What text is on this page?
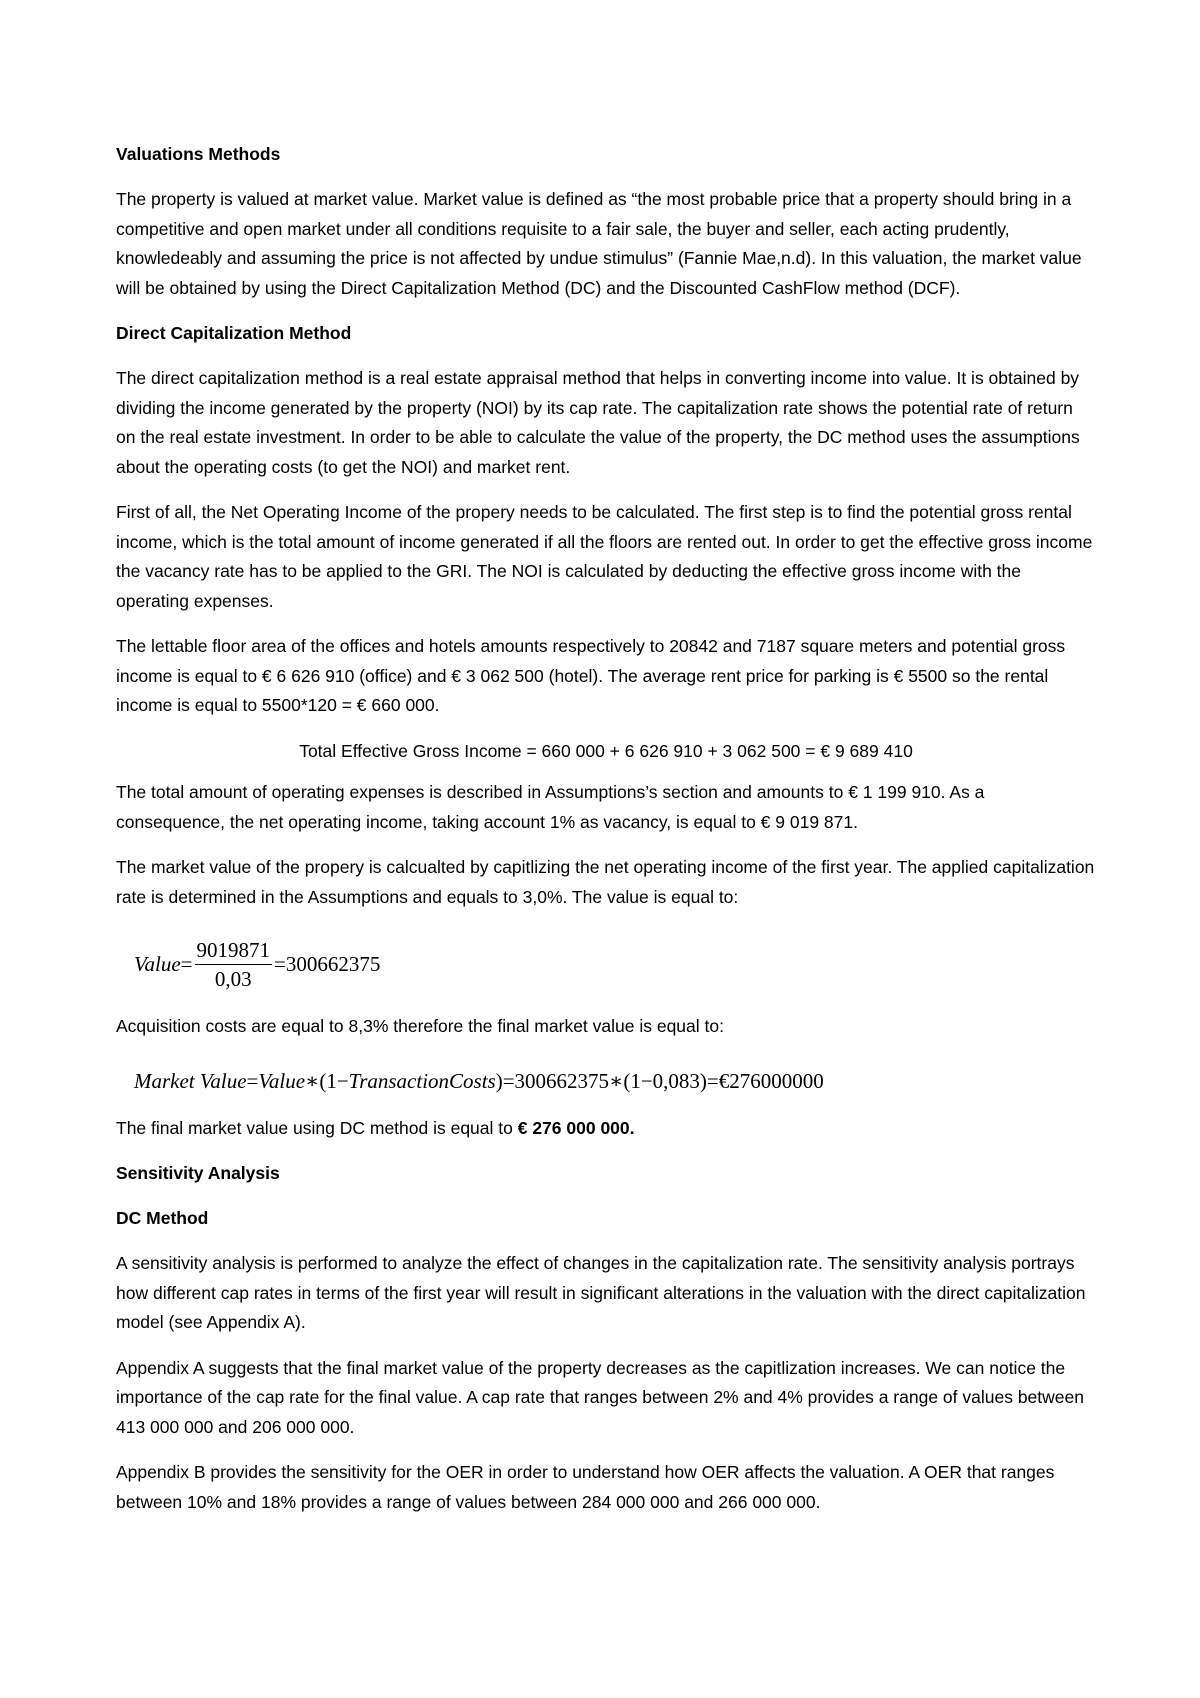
Valuations Methods

The property is valued at market value. Market value is defined as “the most probable price that a property should bring in a competitive and open market under all conditions requisite to a fair sale, the buyer and seller, each acting prudently, knowledeably and assuming the price is not affected by undue stimulus” (Fannie Mae,n.d). In this valuation, the market value will be obtained by using the Direct Capitalization Method (DC) and the Discounted CashFlow method (DCF).

Direct Capitalization Method

The direct capitalization method is a real estate appraisal method that helps in converting income into value. It is obtained by dividing the income generated by the property (NOI) by its cap rate. The capitalization rate shows the potential rate of return on the real estate investment. In order to be able to calculate the value of the property, the DC method uses the assumptions about the operating costs (to get the NOI) and market rent.

First of all, the Net Operating Income of the propery needs to be calculated. The first step is to find the potential gross rental income, which is the total amount of income generated if all the floors are rented out. In order to get the effective gross income the vacancy rate has to be applied to the GRI. The NOI is calculated by deducting the effective gross income with the operating expenses.

The lettable floor area of the offices and hotels amounts respectively to 20842 and 7187 square meters and potential gross income is equal to € 6 626 910 (office) and € 3 062 500 (hotel). The average rent price for parking is € 5500 so the rental income is equal to 5500*120 = € 660 000.

Total Effective Gross Income = 660 000 + 6 626 910 + 3 062 500 = € 9 689 410

The total amount of operating expenses is described in Assumptions’s section and amounts to € 1 199 910. As a consequence, the net operating income, taking account 1% as vacancy, is equal to € 9 019 871.

The market value of the propery is calcualted by capitlizing the net operating income of the first year. The applied capitalization rate is determined in the Assumptions and equals to 3,0%. The value is equal to:

Value = $\frac{9019871}{0,03} =300662375$

Acquisition costs are equal to 8,3% therefore the final market value is equal to:

Market Value = Value ∗(1− TransactionCosts )=300662375∗(1−0,083)=€276000000

The final market value using DC method is equal to € 276 000 000.

Sensitivity Analysis
DC Method

A sensitivity analysis is performed to analyze the effect of changes in the capitalization rate. The sensitivity analysis portrays how different cap rates in terms of the first year will result in significant alterations in the valuation with the direct capitalization model (see Appendix A).

Appendix A suggests that the final market value of the property decreases as the capitlization increases. We can notice the importance of the cap rate for the final value. A cap rate that ranges between 2% and 4% provides a range of values between 413 000 000 and 206 000 000.

Appendix B provides the sensitivity for the OER in order to understand how OER affects the valuation. A OER that ranges between 10% and 18% provides a range of values between 284 000 000 and 266 000 000.
